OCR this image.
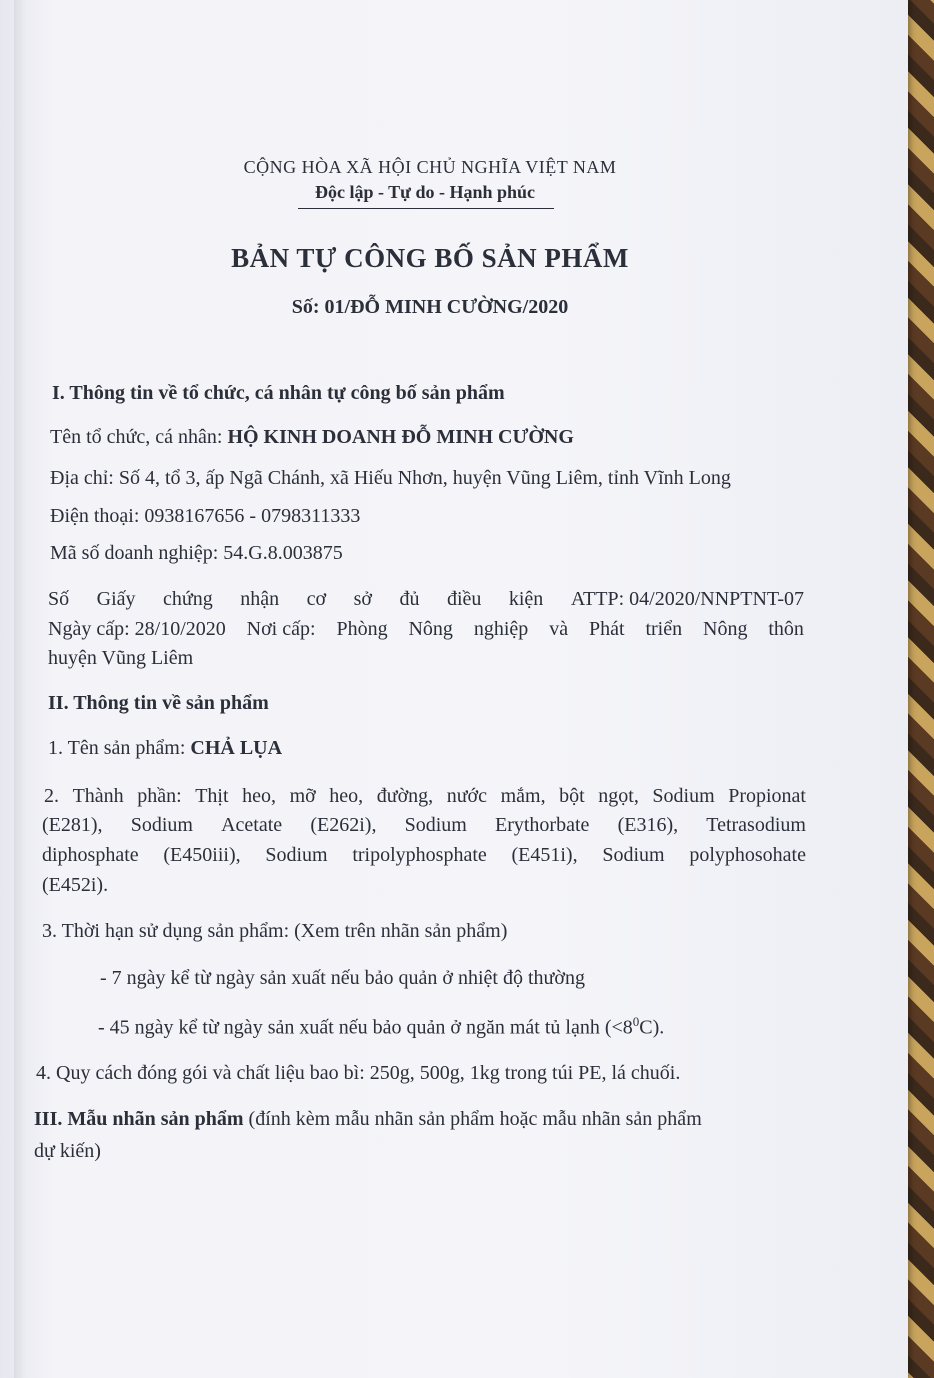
CỘNG HÒA XÃ HỘI CHỦ NGHĨA VIỆT NAM
Độc lập - Tự do - Hạnh phúc
BẢN TỰ CÔNG BỐ SẢN PHẨM
Số: 01/ĐỖ MINH CƯỜNG/2020
I. Thông tin về tổ chức, cá nhân tự công bố sản phẩm
Tên tổ chức, cá nhân: HỘ KINH DOANH ĐỖ MINH CƯỜNG
Địa chỉ: Số 4, tổ 3, ấp Ngã Chánh, xã Hiếu Nhơn, huyện Vũng Liêm, tỉnh Vĩnh Long
Điện thoại: 0938167656 - 0798311333
Mã số doanh nghiệp: 54.G.8.003875
Số Giấy chứng nhận cơ sở đủ điều kiện ATTP: 04/2020/NNPTNT-07
Ngày cấp: 28/10/2020 Nơi cấp: Phòng Nông nghiệp và Phát triển Nông thôn
huyện Vũng Liêm
II. Thông tin về sản phẩm
1. Tên sản phẩm: CHẢ LỤA
2. Thành phần: Thịt heo, mỡ heo, đường, nước mắm, bột ngọt, Sodium Propionat
(E281), Sodium Acetate (E262i), Sodium Erythorbate (E316), Tetrasodium
diphosphate (E450iii), Sodium tripolyphosphate (E451i), Sodium polyphosohate
(E452i).
3. Thời hạn sử dụng sản phẩm: (Xem trên nhãn sản phẩm)
- 7 ngày kể từ ngày sản xuất nếu bảo quản ở nhiệt độ thường
- 45 ngày kể từ ngày sản xuất nếu bảo quản ở ngăn mát tủ lạnh $(<8^0C)$.
4. Quy cách đóng gói và chất liệu bao bì: 250g, 500g, 1kg trong túi PE, lá chuối.
III. Mẫu nhãn sản phẩm (đính kèm mẫu nhãn sản phẩm hoặc mẫu nhãn sản phẩm
dự kiến)
